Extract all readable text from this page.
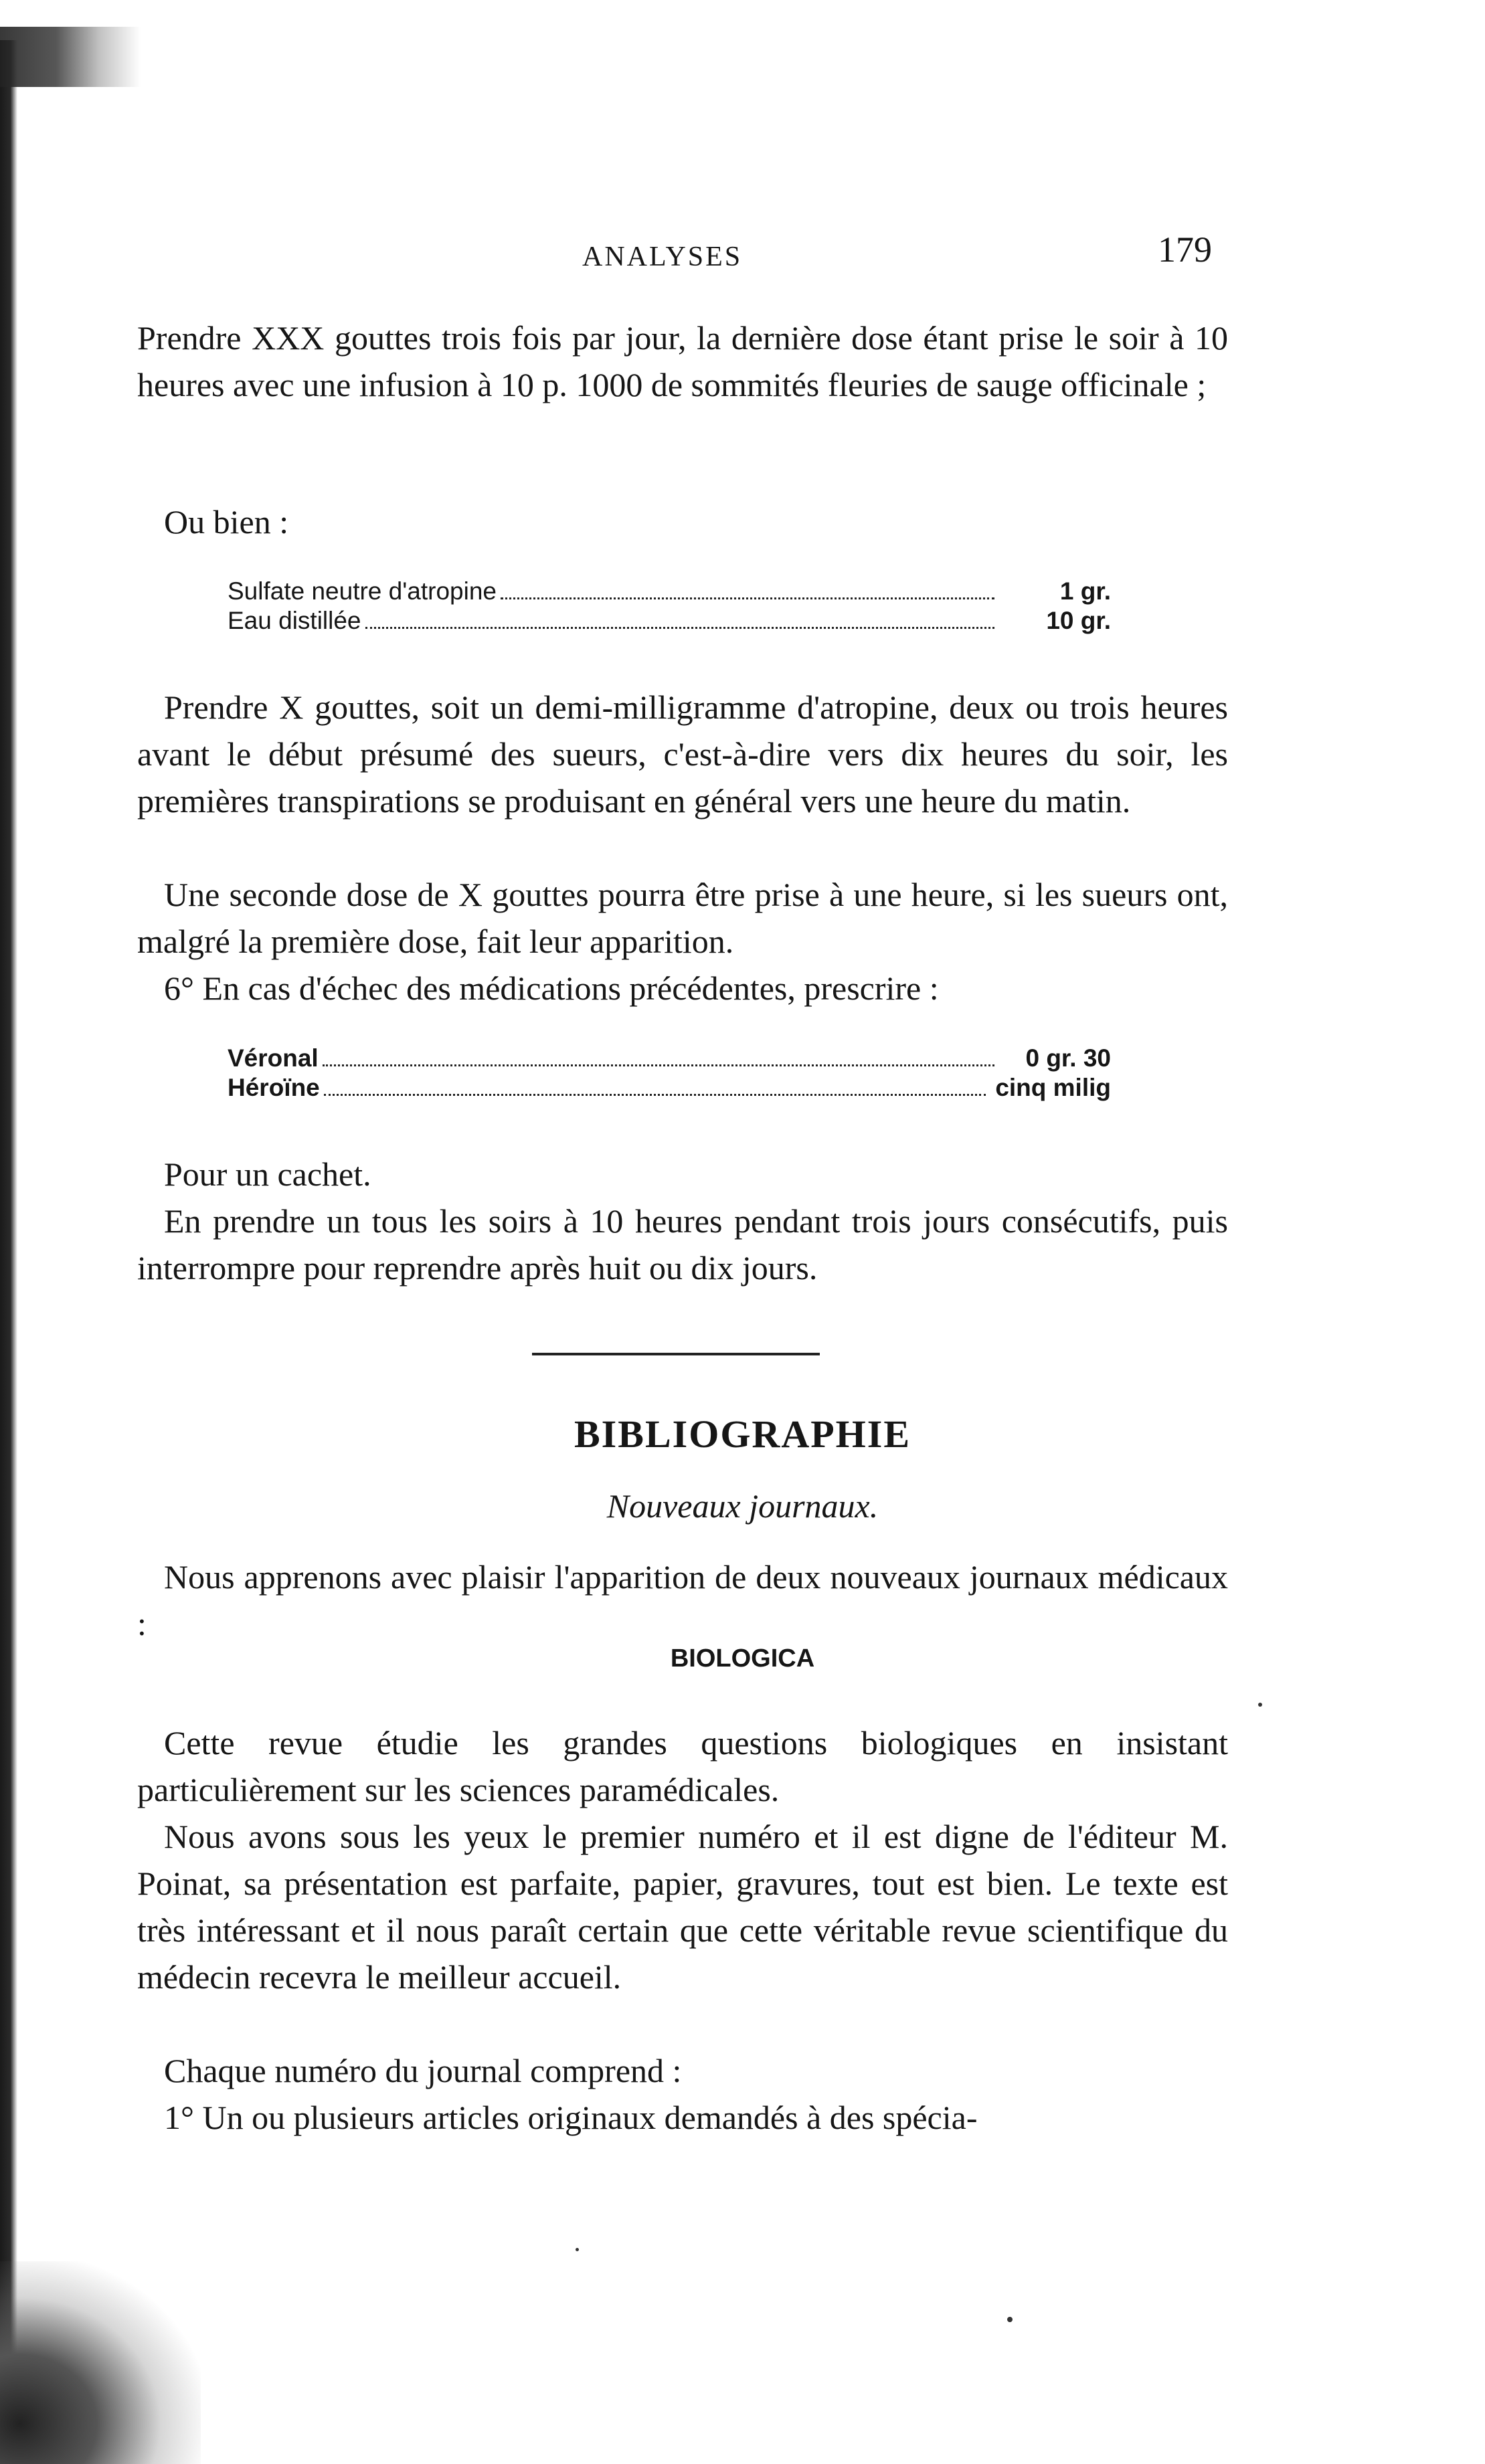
ANALYSES	179

Prendre XXX gouttes trois fois par jour, la dernière dose étant prise le soir à 10 heures avec une infusion à 10 p. 1000 de sommités fleuries de sauge officinale ;

Ou bien :

Sulfate neutre d'atropine	1 gr.
Eau distillée	10 gr.

Prendre X gouttes, soit un demi-milligramme d'atropine, deux ou trois heures avant le début présumé des sueurs, c'est-à-dire vers dix heures du soir, les premières transpirations se produisant en général vers une heure du matin.

Une seconde dose de X gouttes pourra être prise à une heure, si les sueurs ont, malgré la première dose, fait leur apparition.

6° En cas d'échec des médications précédentes, prescrire :

Véronal	0 gr. 30
Héroïne	cinq milig

Pour un cachet.

En prendre un tous les soirs à 10 heures pendant trois jours consécutifs, puis interrompre pour reprendre après huit ou dix jours.

BIBLIOGRAPHIE
Nouveaux journaux.

Nous apprenons avec plaisir l'apparition de deux nouveaux journaux médicaux :

BIOLOGICA

Cette revue étudie les grandes questions biologiques en insistant particulièrement sur les sciences paramédicales.

Nous avons sous les yeux le premier numéro et il est digne de l'éditeur M. Poinat, sa présentation est parfaite, papier, gravures, tout est bien. Le texte est très intéressant et il nous paraît certain que cette véritable revue scientifique du médecin recevra le meilleur accueil.

Chaque numéro du journal comprend :

1° Un ou plusieurs articles originaux demandés à des spécia-
